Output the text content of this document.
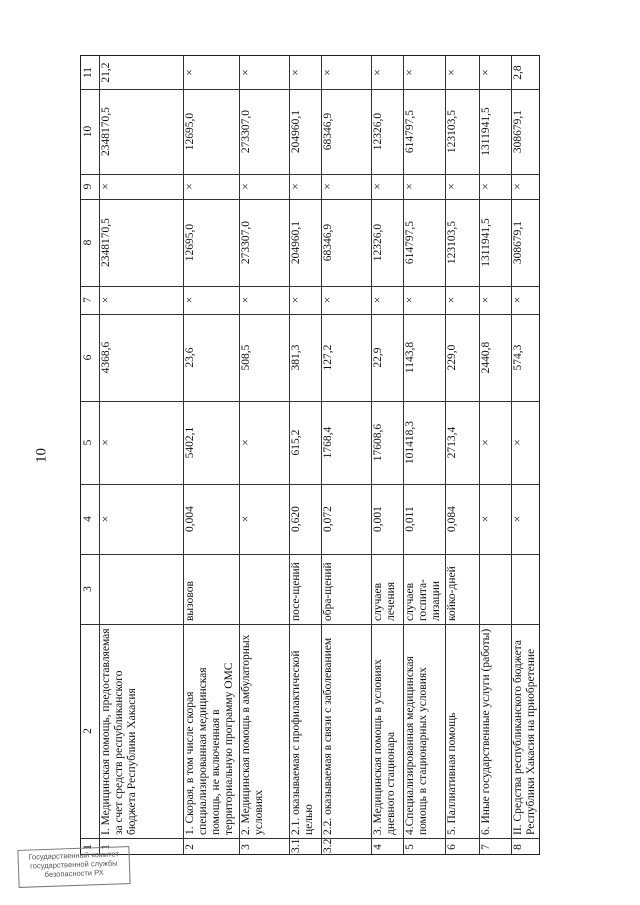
10
1
2
3
4
5
6
7
8
9
10
11
1
I. Медицинская помощь, предоставляемая за счет средств республиканского бюджета Республики Хакасия
×
×
4368,6
×
2348170,5
×
2348170,5
21,2
2
1. Скорая, в том числе скорая специализированная медицинская помощь, не включенная в территориальную программу ОМС
вызовов
0,004
5402,1
23,6
×
12695,0
×
12695,0
×
3
2. Медицинская помощь в амбулаторных условиях
×
×
508,5
×
273307,0
×
273307,0
×
3.1
2.1. оказываемая с профилактической целью
посе-щений
0,620
615,2
381,3
×
204960,1
×
204960,1
×
3.2
2.2. оказываемая в связи с заболеванием
обра-щений
0,072
1768,4
127,2
×
68346,9
×
68346,9
×
4
3. Медицинская помощь в условиях дневного стационара
случаев лечения
0,001
17608,6
22,9
×
12326,0
×
12326,0
×
5
4.Специализированная медицинская помощь в стационарных условиях
случаев госпита-лизации
0,011
101418,3
1143,8
×
614797,5
×
614797,5
×
6
5. Паллиативная помощь
койко-дней
0,084
2713,4
229,0
×
123103,5
×
123103,5
×
7
6. Иные государственные услуги (работы)
×
×
2440,8
×
1311941,5
×
1311941,5
×
8
II. Средства республиканского бюджета Республики Хакасия на приобретение
×
×
574,3
×
308679,1
×
308679,1
2,8
Государственный комитет
государственной службы
безопасности РХ
